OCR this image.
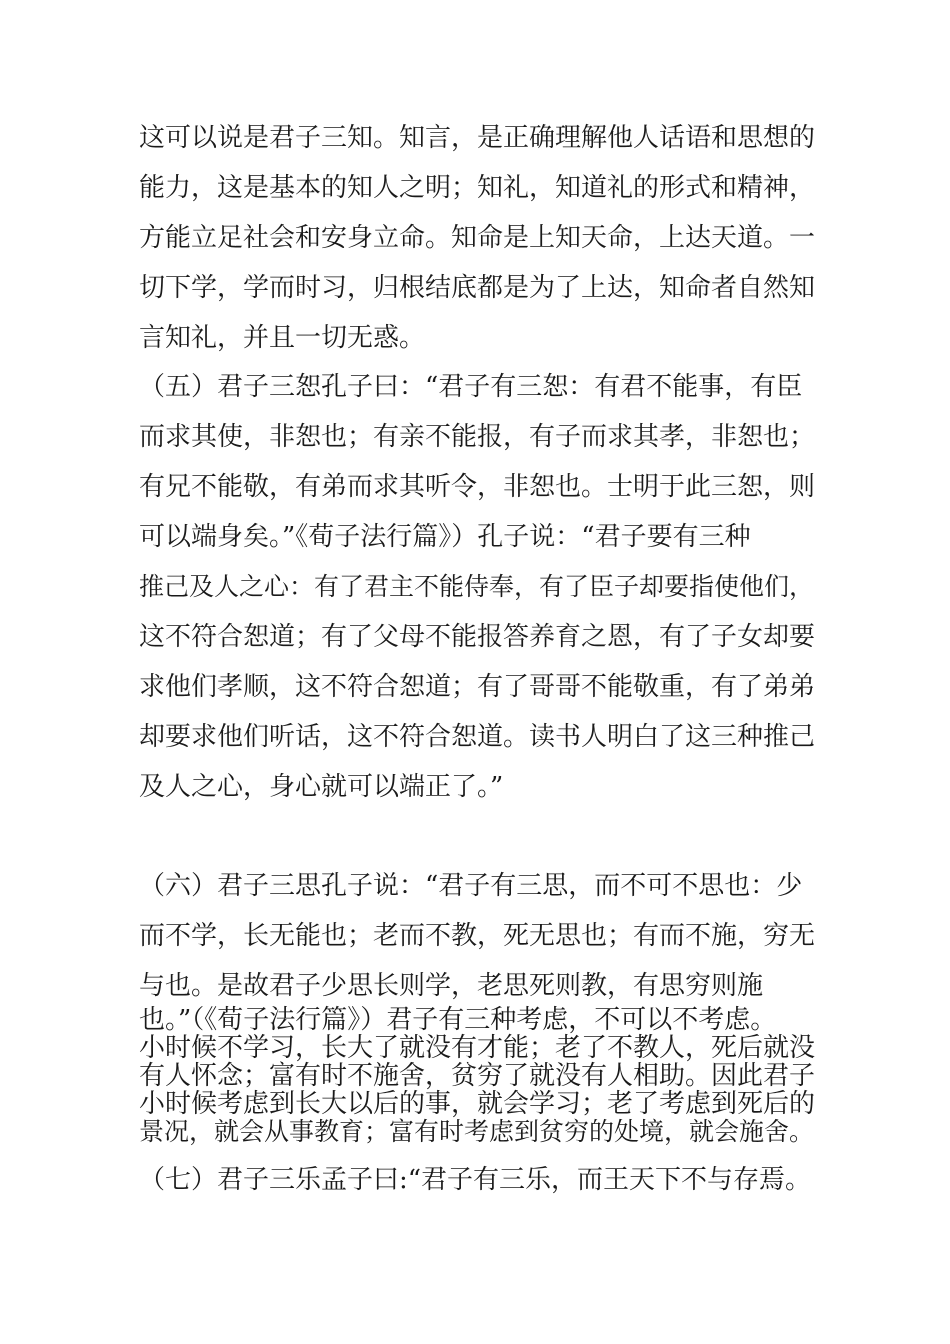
这可以说是君子三知。知言，是正确理解他人话语和思想的
能力，这是基本的知人之明；知礼，知道礼的形式和精神，
方能立足社会和安身立命。知命是上知天命，上达天道。一
切下学，学而时习，归根结底都是为了上达，知命者自然知
言知礼，并且一切无惑。
（五）君子三恕孔子曰：“君子有三恕：有君不能事，有臣
而求其使，非恕也；有亲不能报，有子而求其孝，非恕也；
有兄不能敬，有弟而求其听令，非恕也。士明于此三恕，则
可以端身矣。”《荀子法行篇》）孔子说：“君子要有三种
推己及人之心：有了君主不能侍奉，有了臣子却要指使他们，
这不符合恕道；有了父母不能报答养育之恩，有了子女却要
求他们孝顺，这不符合恕道；有了哥哥不能敬重，有了弟弟
却要求他们听话，这不符合恕道。读书人明白了这三种推己
及人之心，身心就可以端正了。”
（六）君子三思孔子说：“君子有三思，而不可不思也：少
而不学，长无能也；老而不教，死无思也；有而不施，穷无
与也。是故君子少思长则学，老思死则教，有思穷则施
也。”（《荀子法行篇》）君子有三种考虑，不可以不考虑。
小时候不学习，长大了就没有才能；老了不教人，死后就没
有人怀念；富有时不施舍，贫穷了就没有人相助。因此君子
小时候考虑到长大以后的事，就会学习；老了考虑到死后的
景况，就会从事教育；富有时考虑到贫穷的处境，就会施舍。
（七）君子三乐孟子曰:“君子有三乐，而王天下不与存焉。
